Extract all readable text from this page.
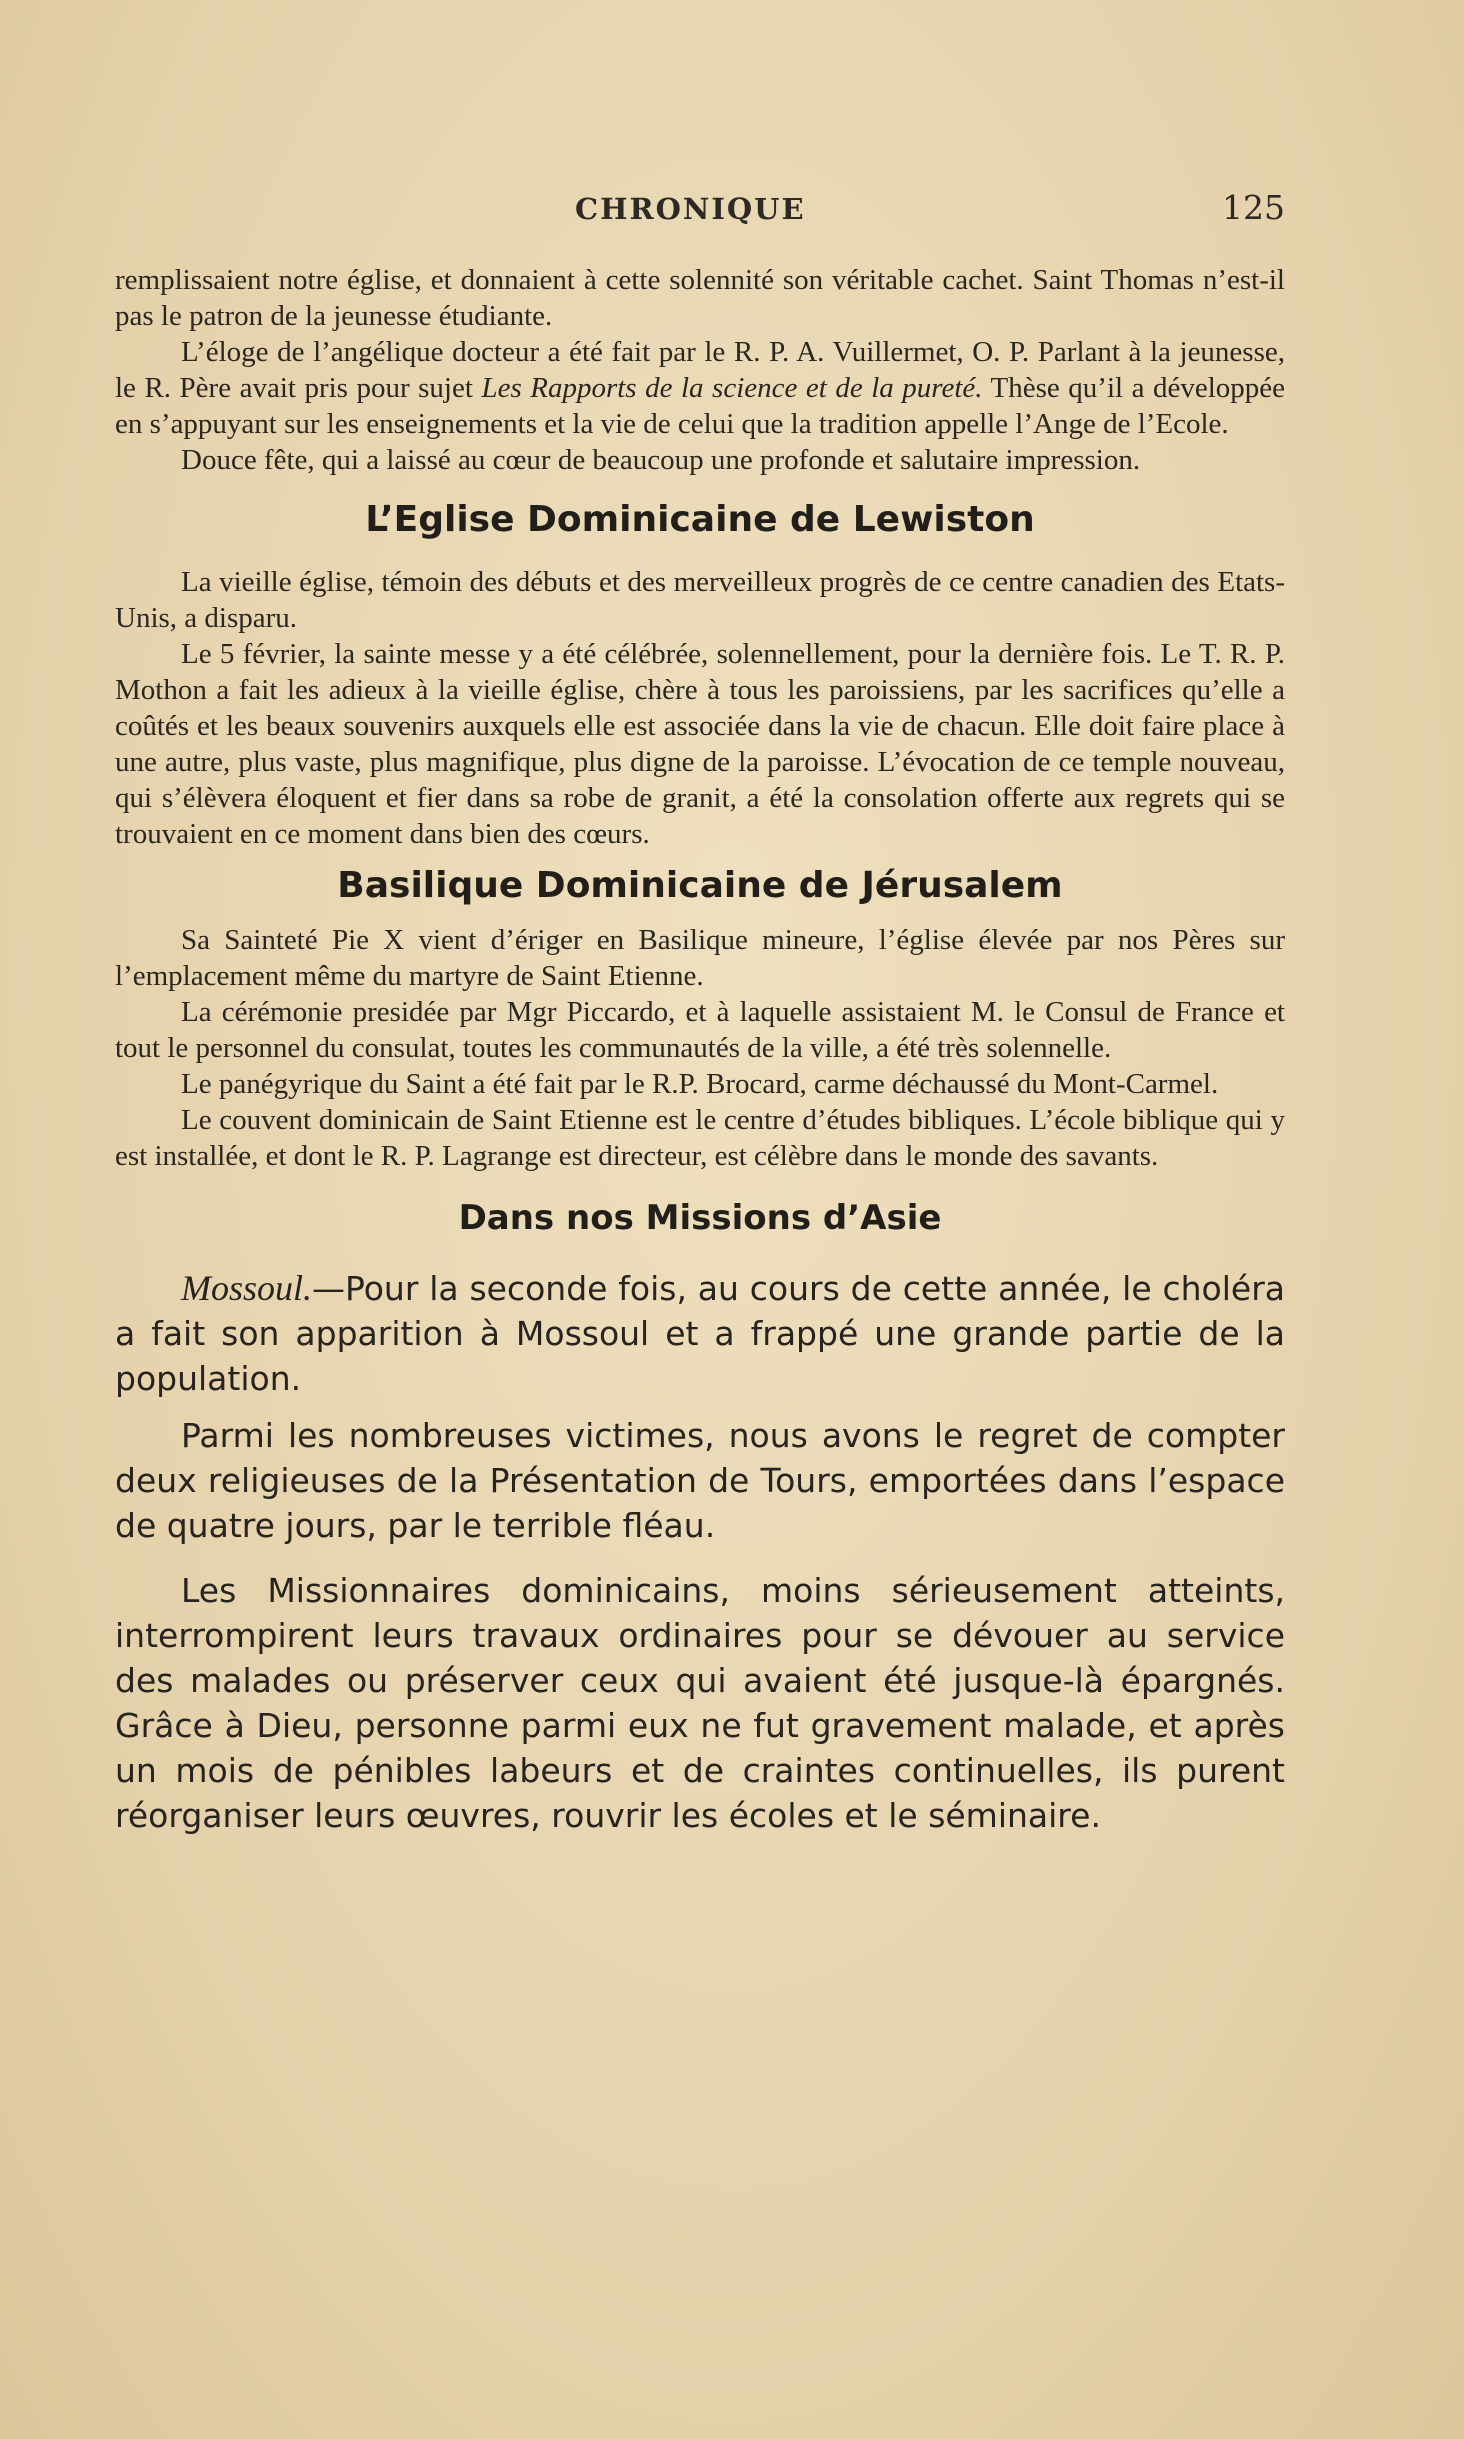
CHRONIQUE	125

remplissaient notre église, et donnaient à cette solennité son véritable cachet. Saint Thomas n’est-il pas le patron de la jeunesse étudiante.

L’éloge de l’angélique docteur a été fait par le R. P. A. Vuillermet, O. P. Parlant à la jeunesse, le R. Père avait pris pour sujet Les Rapports de la science et de la pureté. Thèse qu’il a développée en s’appuyant sur les enseignements et la vie de celui que la tradition appelle l’Ange de l’Ecole.

Douce fête, qui a laissé au cœur de beaucoup une profonde et salutaire impression.

L’Eglise Dominicaine de Lewiston

La vieille église, témoin des débuts et des merveilleux progrès de ce centre canadien des Etats-Unis, a disparu.

Le 5 février, la sainte messe y a été célébrée, solennellement, pour la dernière fois. Le T. R. P. Mothon a fait les adieux à la vieille église, chère à tous les paroissiens, par les sacrifices qu’elle a coûtés et les beaux souvenirs auxquels elle est associée dans la vie de chacun. Elle doit faire place à une autre, plus vaste, plus magnifique, plus digne de la paroisse. L’évocation de ce temple nouveau, qui s’élèvera éloquent et fier dans sa robe de granit, a été la consolation offerte aux regrets qui se trouvaient en ce moment dans bien des cœurs.

Basilique Dominicaine de Jérusalem

Sa Sainteté Pie X vient d’ériger en Basilique mineure, l’église élevée par nos Pères sur l’emplacement même du martyre de Saint Etienne.

La cérémonie presidée par Mgr Piccardo, et à laquelle assistaient M. le Consul de France et tout le personnel du consulat, toutes les communautés de la ville, a été très solennelle.

Le panégyrique du Saint a été fait par le R.P. Brocard, carme déchaussé du Mont-Carmel.

Le couvent dominicain de Saint Etienne est le centre d’études bibliques. L’école biblique qui y est installée, et dont le R. P. Lagrange est directeur, est célèbre dans le monde des savants.

Dans nos Missions d’Asie

Mossoul.—Pour la seconde fois, au cours de cette année, le choléra a fait son apparition à Mossoul et a frappé une grande partie de la population.

Parmi les nombreuses victimes, nous avons le regret de compter deux religieuses de la Présentation de Tours, emportées dans l’espace de quatre jours, par le terrible fléau.

Les Missionnaires dominicains, moins sérieusement atteints, interrompirent leurs travaux ordinaires pour se dévouer au service des malades ou préserver ceux qui avaient été jusque-là épargnés. Grâce à Dieu, personne parmi eux ne fut gravement malade, et après un mois de pénibles labeurs et de craintes continuelles, ils purent réorganiser leurs œuvres, rouvrir les écoles et le séminaire.
